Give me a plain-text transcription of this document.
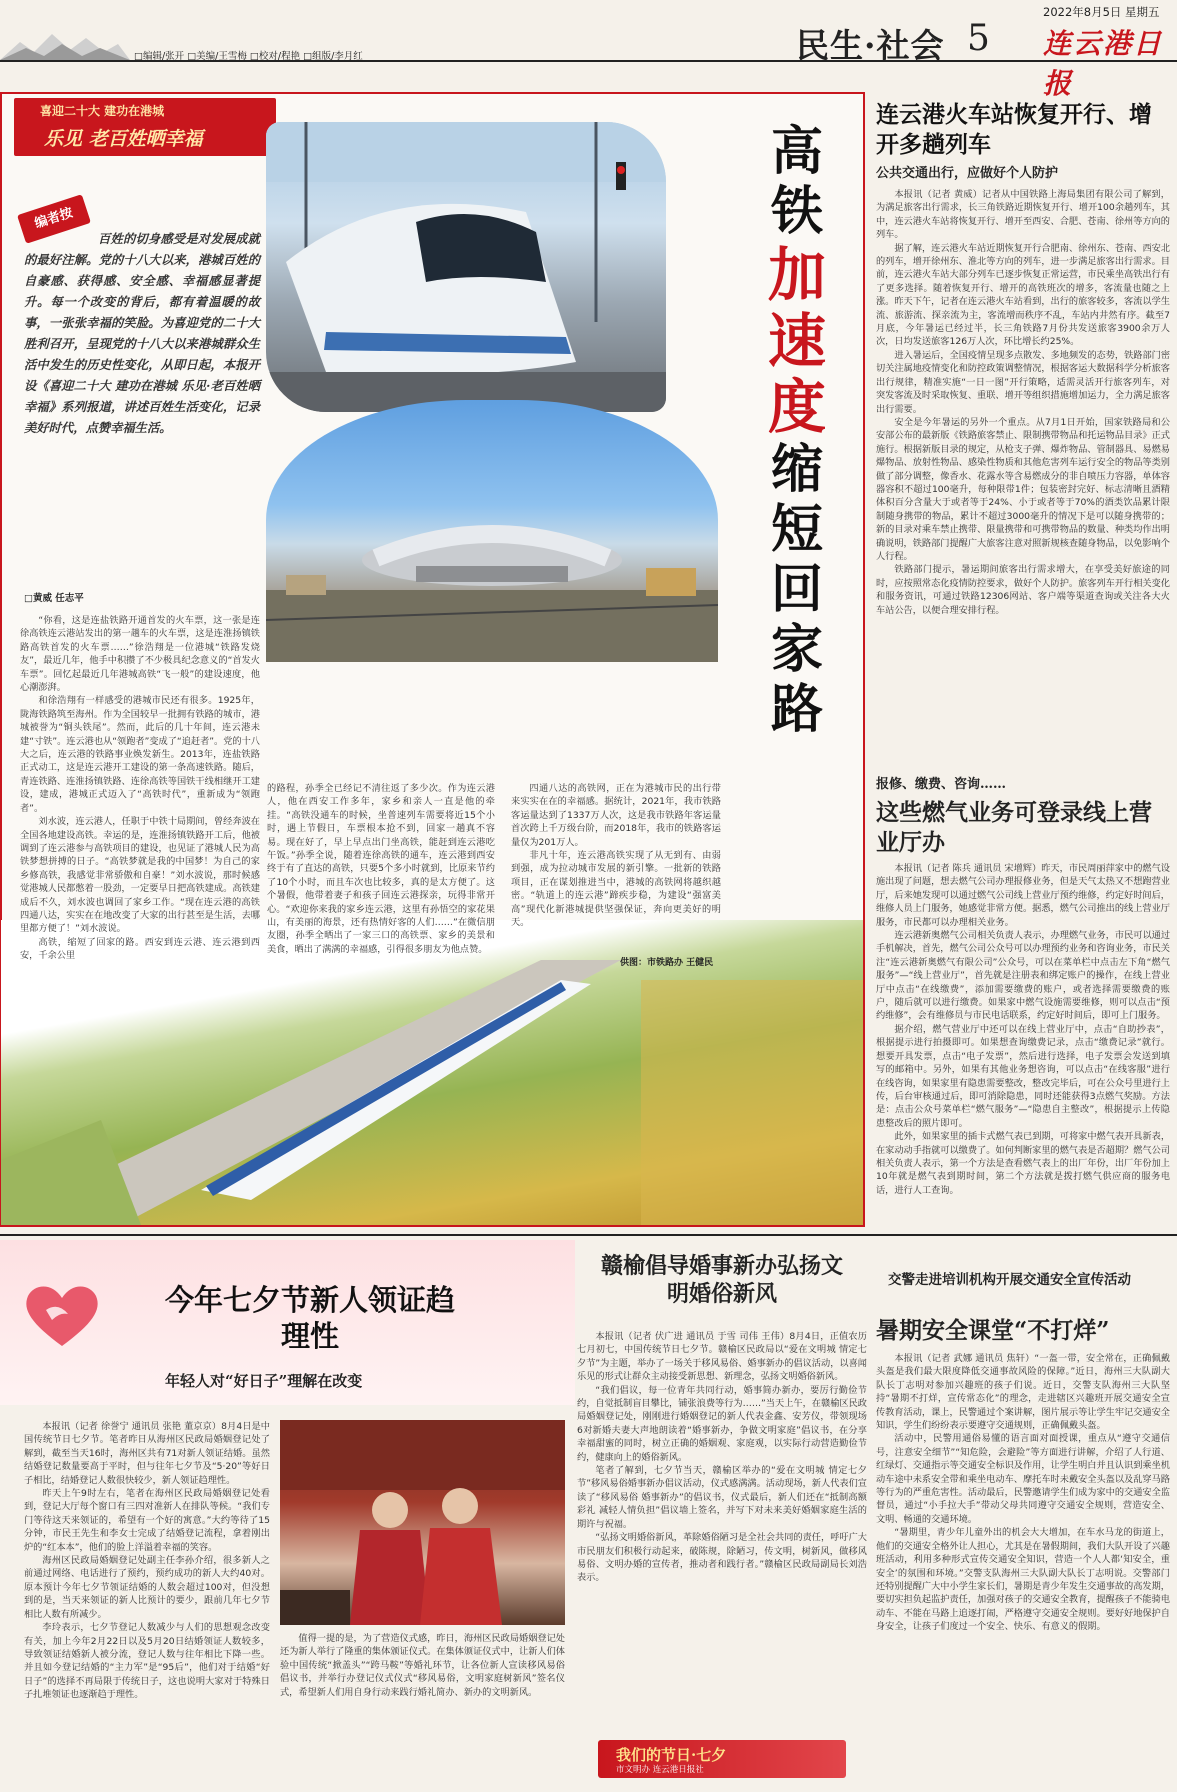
□编辑/张开 □美编/王雪梅 □校对/程艳 □组版/李月红	民生·社会 5
2022年8月5日 星期五
连云港日报
喜迎二十大 建功在港城
乐见 老百姓晒幸福
编者按
百姓的切身感受是对发展成就的最好注解。党的十八大以来，港城百姓的自豪感、获得感、安全感、幸福感显著提升。每一个改变的背后，都有着温暖的故事，一张张幸福的笑脸。为喜迎党的二十大胜利召开，呈现党的十八大以来港城群众生活中发生的历史性变化，从即日起，本报开设《喜迎二十大 建功在港城 乐见·老百姓晒幸福》系列报道，讲述百姓生活变化，记录美好时代，点赞幸福生活。
□黄威 任志平
高
铁
加
速
度
缩
短
回
家
路

“你看，这是连盐铁路开通首发的火车票，这一张是连徐高铁连云港站发出的第一趟车的火车票，这是连淮扬镇铁路高铁首发的火车票……”徐浩翔是一位港城“铁路发烧友”，最近几年，他手中积攒了不少极具纪念意义的“首发火车票”。回忆起最近几年港城高铁“飞一般”的建设速度，他心潮澎湃。

和徐浩翔有一样感受的港城市民还有很多。1925年，陇海铁路筑至海州。作为全国较早一批拥有铁路的城市，港城被誉为“铜头铁尾”。然而，此后的几十年间，连云港未建“寸铁”。连云港也从“领跑者”变成了“追赶者”。党的十八大之后，连云港的铁路事业焕发新生。2013年，连盐铁路正式动工，这是连云港开工建设的第一条高速铁路。随后，青连铁路、连淮扬镇铁路、连徐高铁等国铁干线相继开工建设，建成，港城正式迈入了“高铁时代”，重新成为“领跑者”。

刘水波，连云港人，任职于中铁十局期间，曾经奔波在全国各地建设高铁。幸运的是，连淮扬镇铁路开工后，他被调到了连云港参与高铁项目的建设，也见证了港城人民为高铁梦想拼搏的日子。“高铁梦就是我的中国梦！为自己的家乡修高铁，我感觉非常骄傲和自豪！”刘水波说，那时候感觉港城人民都憋着一股劲，一定要早日把高铁建成。高铁建成后不久，刘水波也调回了家乡工作。“现在连云港的高铁四通八达，实实在在地改变了大家的出行甚至是生活，去哪里都方便了！”刘水波说。

高铁，缩短了回家的路。西安到连云港、连云港到西安，千余公里

的路程，孙季全已经记不清往返了多少次。作为连云港人，他在西安工作多年，家乡和亲人一直是他的牵挂。“高铁没通车的时候，坐普速列车需要将近15个小时，遇上节假日，车票根本抢不到，回家一趟真不容易。现在好了，早上早点出门坐高铁，能赶到连云港吃午饭。”孙季全说，随着连徐高铁的通车，连云港到西安终于有了直达的高铁，只要5个多小时就到，比原来节约了10个小时，而且车次也比较多，真的是太方便了。这个暑假，他带着妻子和孩子回连云港探亲，玩得非常开心。“欢迎你来我的家乡连云港，这里有孙悟空的家花果山，有美丽的海景，还有热情好客的人们……”在微信朋友圈，孙季全晒出了一家三口的高铁票、家乡的美景和美食，晒出了满满的幸福感，引得很多朋友为他点赞。

四通八达的高铁网，正在为港城市民的出行带来实实在在的幸福感。据统计，2021年，我市铁路客运量达到了1337万人次，这是我市铁路年客运量首次跨上千万级台阶，而2018年，我市的铁路客运量仅为201万人。

非凡十年，连云港高铁实现了从无到有、由弱到强，成为拉动城市发展的新引擎。一批新的铁路项目，正在谋划推进当中，港城的高铁网将越织越密。“轨道上的连云港”蹄疾步稳，为建设“强富美高”现代化新港城提供坚强保证，奔向更美好的明天。

供图：市铁路办 王健民
连云港火车站恢复开行、增开多趟列车
公共交通出行，应做好个人防护

本报讯（记者 黄威）记者从中国铁路上海局集团有限公司了解到，为满足旅客出行需求，长三角铁路近期恢复开行、增开100余趟列车，其中，连云港火车站将恢复开行、增开至西安、合肥、苍南、徐州等方向的列车。

据了解，连云港火车站近期恢复开行合肥南、徐州东、苍南、西安北的列车，增开徐州东、淮北等方向的列车，进一步满足旅客出行需求。目前，连云港火车站大部分列车已逐步恢复正常运营，市民乘坐高铁出行有了更多选择。随着恢复开行、增开的高铁班次的增多，客流量也随之上涨。昨天下午，记者在连云港火车站看到，出行的旅客较多，客流以学生流、旅游流、探亲流为主，客流增而秩序不乱，车站内井然有序。截至7月底，今年暑运已经过半，长三角铁路7月份共发送旅客3900余万人次，日均发送旅客126万人次，环比增长约25%。

进入暑运后，全国疫情呈现多点散发、多地频发的态势，铁路部门密切关注属地疫情变化和防控政策调整情况，根据客运大数据科学分析旅客出行规律，精准实施“一日一图”开行策略，适需灵活开行旅客列车，对突发客流及时采取恢复、重联、增开等组织措施增加运力，全力满足旅客出行需要。

安全是今年暑运的另外一个重点。从7月1日开始，国家铁路局和公安部公布的最新版《铁路旅客禁止、限制携带物品和托运物品目录》正式施行。根据新版目录的规定，从枪支子弹、爆炸物品、管制器具、易燃易爆物品、放射性物品、感染性物质和其他危害列车运行安全的物品等类别做了部分调整，像香水、花露水等含易燃成分的非自喷压力容器，单体容器容积不超过100毫升，每种限带1件；包装密封完好、标志清晰且酒精体积百分含量大于或者等于24%、小于或者等于70%的酒类饮品累计限制随身携带的物品，累计不超过3000毫升的情况下是可以随身携带的；新的目录对乘车禁止携带、限量携带和可携带物品的数量、种类均作出明确说明，铁路部门提醒广大旅客注意对照新规核查随身物品，以免影响个人行程。

铁路部门提示，暑运期间旅客出行需求增大，在享受美好旅途的同时，应按照常态化疫情防控要求，做好个人防护。旅客列车开行相关变化和服务资讯，可通过铁路12306网站、客户端等渠道查询或关注各大火车站公告，以便合理安排行程。

报修、缴费、咨询……
这些燃气业务可登录线上营业厅办

本报讯（记者 陈兵 通讯员 宋增辉）昨天，市民周丽萍家中的燃气设施出现了问题，想去燃气公司办理报修业务，但是天气太热又不想跑营业厅，后来她发现可以通过燃气公司线上营业厅预约维修，约定好时间后，维修人员上门服务，她感觉非常方便。据悉，燃气公司推出的线上营业厅服务，市民都可以办理相关业务。

连云港新奥燃气公司相关负责人表示，办理燃气业务，市民可以通过手机解决，首先，燃气公司公众号可以办理预约业务和咨询业务，市民关注“连云港新奥燃气有限公司”公众号，可以在菜单栏中点击左下角“燃气服务”—“线上营业厅”，首先就是注册表和绑定账户的操作，在线上营业厅中点击“在线缴费”，添加需要缴费的账户，或者选择需要缴费的账户，随后就可以进行缴费。如果家中燃气设施需要维修，则可以点击“预约维修”，会有维修员与市民电话联系，约定好时间后，即可上门服务。

据介绍，燃气营业厅中还可以在线上营业厅中，点击“自助抄表”，根据提示进行拍摄即可。如果想查询缴费记录，点击“缴费记录”就行。想要开具发票，点击“电子发票”，然后进行选择，电子发票会发送到填写的邮箱中。另外，如果有其他业务想咨询，可以点击“在线客服”进行在线咨询，如果家里有隐患需要整改，整改完毕后，可在公众号里进行上传，后台审核通过后，即可消除隐患，同时还能获得3点燃气奖励。方法是：点击公众号菜单栏“燃气服务”—“隐患自主整改”，根据提示上传隐患整改后的照片即可。

此外，如果家里的插卡式燃气表已到期，可将家中燃气表开具新表，在家动动手指就可以缴费了。如何判断家里的燃气表是否超期？燃气公司相关负责人表示，第一个方法是查看燃气表上的出厂年份，出厂年份加上10年就是燃气表到期时间，第二个方法就是拨打燃气供应商的服务电话，进行人工查询。

今年七夕节新人领证趋理性
年轻人对“好日子”理解在改变

本报讯（记者 徐誉宁 通讯员 张艳 董京京）8月4日是中国传统节日七夕节。笔者昨日从海州区民政局婚姻登记处了解到，截至当天16时，海州区共有71对新人领证结婚。虽然结婚登记数量要高于平时，但与往年七夕节及“5·20”等好日子相比，结婚登记人数很快较少，新人领证趋理性。

昨天上午9时左右，笔者在海州区民政局婚姻登记处看到，登记大厅每个窗口有三四对准新人在排队等候。“我们专门等待这天来领证的，希望有一个好的寓意。”大约等待了15分钟，市民王先生和李女士完成了结婚登记流程，拿着刚出炉的“红本本”，他们的脸上洋溢着幸福的笑容。

海州区民政局婚姻登记处副主任李孙介绍，很多新人之前通过网络、电话进行了预约，预约成功的新人大约40对。原本预计今年七夕节领证结婚的人数会超过100对，但没想到的是，当天来领证的新人比预计的要少，跟前几年七夕节相比人数有所减少。

李玲表示，七夕节登记人数减少与人们的思想观念改变有关，加上今年2月22日以及5月20日结婚领证人数较多，导致领证结婚新人被分流，登记人数与往年相比下降一些。并且如今登记结婚的“主力军”是“95后”，他们对于结婚“好日子”的选择不再局限于传统日子，这也说明大家对于特殊日子扎堆领证也逐渐趋于理性。

值得一提的是，为了营造仪式感，昨日，海州区民政局婚姻登记处还为新人举行了隆重的集体颁证仪式。在集体颁证仪式中，让新人们体验中国传统“掀盖头”“跨马鞍”等婚礼环节，让各位新人宣读移风易俗倡议书，并举行办登记仪式仪式“移风易俗，文明家庭树新风”签名仪式，希望新人们用自身行动来践行婚礼简办、新办的文明新风。

赣榆倡导婚事新办弘扬文明婚俗新风

本报讯（记者 伏广进 通讯员 于雪 司伟 王伟）8月4日，正值农历七月初七，中国传统节日七夕节。赣榆区民政局以“爱在文明城 情定七夕节”为主题，举办了一场关于移风易俗、婚事新办的倡议活动，以喜闻乐见的形式让群众主动接受新思想、新理念，弘扬文明婚俗新风。

“我们倡议，每一位青年共同行动，婚事简办新办，要厉行勤俭节约，自觉抵制盲目攀比，铺张浪费等行为……”当天上午，在赣榆区民政局婚姻登记处，刚刚进行婚姻登记的新人代表金鑫、安芳仪，带领现场6对新婚夫妻大声地朗读着“婚事新办，争做文明家庭”倡议书，在分享幸福甜蜜的同时，树立正确的婚姻观、家庭观，以实际行动营造勤俭节约，健康向上的婚俗新风。

笔者了解到，七夕节当天，赣榆区举办的“爱在文明城 情定七夕节”移风易俗婚事新办倡议活动，仪式感满满。活动现场，新人代表们宣读了“移风易俗 婚事新办”的倡议书，仪式最后，新人们还在“抵制高额彩礼 减轻人情负担”倡议墙上签名，并写下对未来美好婚姻家庭生活的期许与祝福。

“弘扬文明婚俗新风，革除婚俗陋习是全社会共同的责任，呼吁广大市民朋友们积极行动起来，破陈规，除陋习，传文明，树新风，做移风易俗、文明办婚的宣传者，推动者和践行者。”赣榆区民政局副局长刘浩表示。

我们的节日·七夕
市文明办 连云港日报社
交警走进培训机构开展交通安全宣传活动
暑期安全课堂“不打烊”

本报讯（记者 武娜 通讯员 焦轩）“一盔一带，安全常在，正确佩戴头盔是我们最大限度降低交通事故风险的保障。”近日，海州三大队副大队长丁志明对参加兴趣班的孩子们说。近日，交警支队海州三大队坚持“暑期不打烊，宣传常态化”的理念，走进辖区兴趣班开展交通安全宣传教育活动，课上，民警通过个案讲解，图片展示等让学生牢记交通安全知识，学生们纷纷表示要遵守交通规则，正确佩戴头盔。

活动中，民警用通俗易懂的语言面对面授课，重点从“遵守交通信号，注意安全细节”“知危险，会避险”等方面进行讲解，介绍了人行道、红绿灯、交通指示等交通安全标识及作用，让学生明白并且认识到乘坐机动车途中未系安全带和乘坐电动车、摩托车时未戴安全头盔以及乱穿马路等行为的严重危害性。活动最后，民警邀请学生们成为家中的交通安全监督员，通过“小手拉大手”带动父母共同遵守交通安全规则，营造安全、文明、畅通的交通环境。

“暑期里，青少年儿童外出的机会大大增加，在车水马龙的街道上，他们的交通安全格外让人担心，尤其是在暑假期间，我们大队开设了兴趣班活动，利用多种形式宣传交通安全知识，营造一个人人都‘知安全，重安全’的氛围和环境。”交警支队海州三大队副大队长丁志明说。交警部门还特别提醒广大中小学生家长们，暑期是青少年发生交通事故的高发期，要切实担负起监护责任，加强对孩子的交通安全教育，提醒孩子不能骑电动车、不能在马路上追逐打闹，严格遵守交通安全规则。要好好地保护自身安全，让孩子们度过一个安全、快乐、有意义的假期。
